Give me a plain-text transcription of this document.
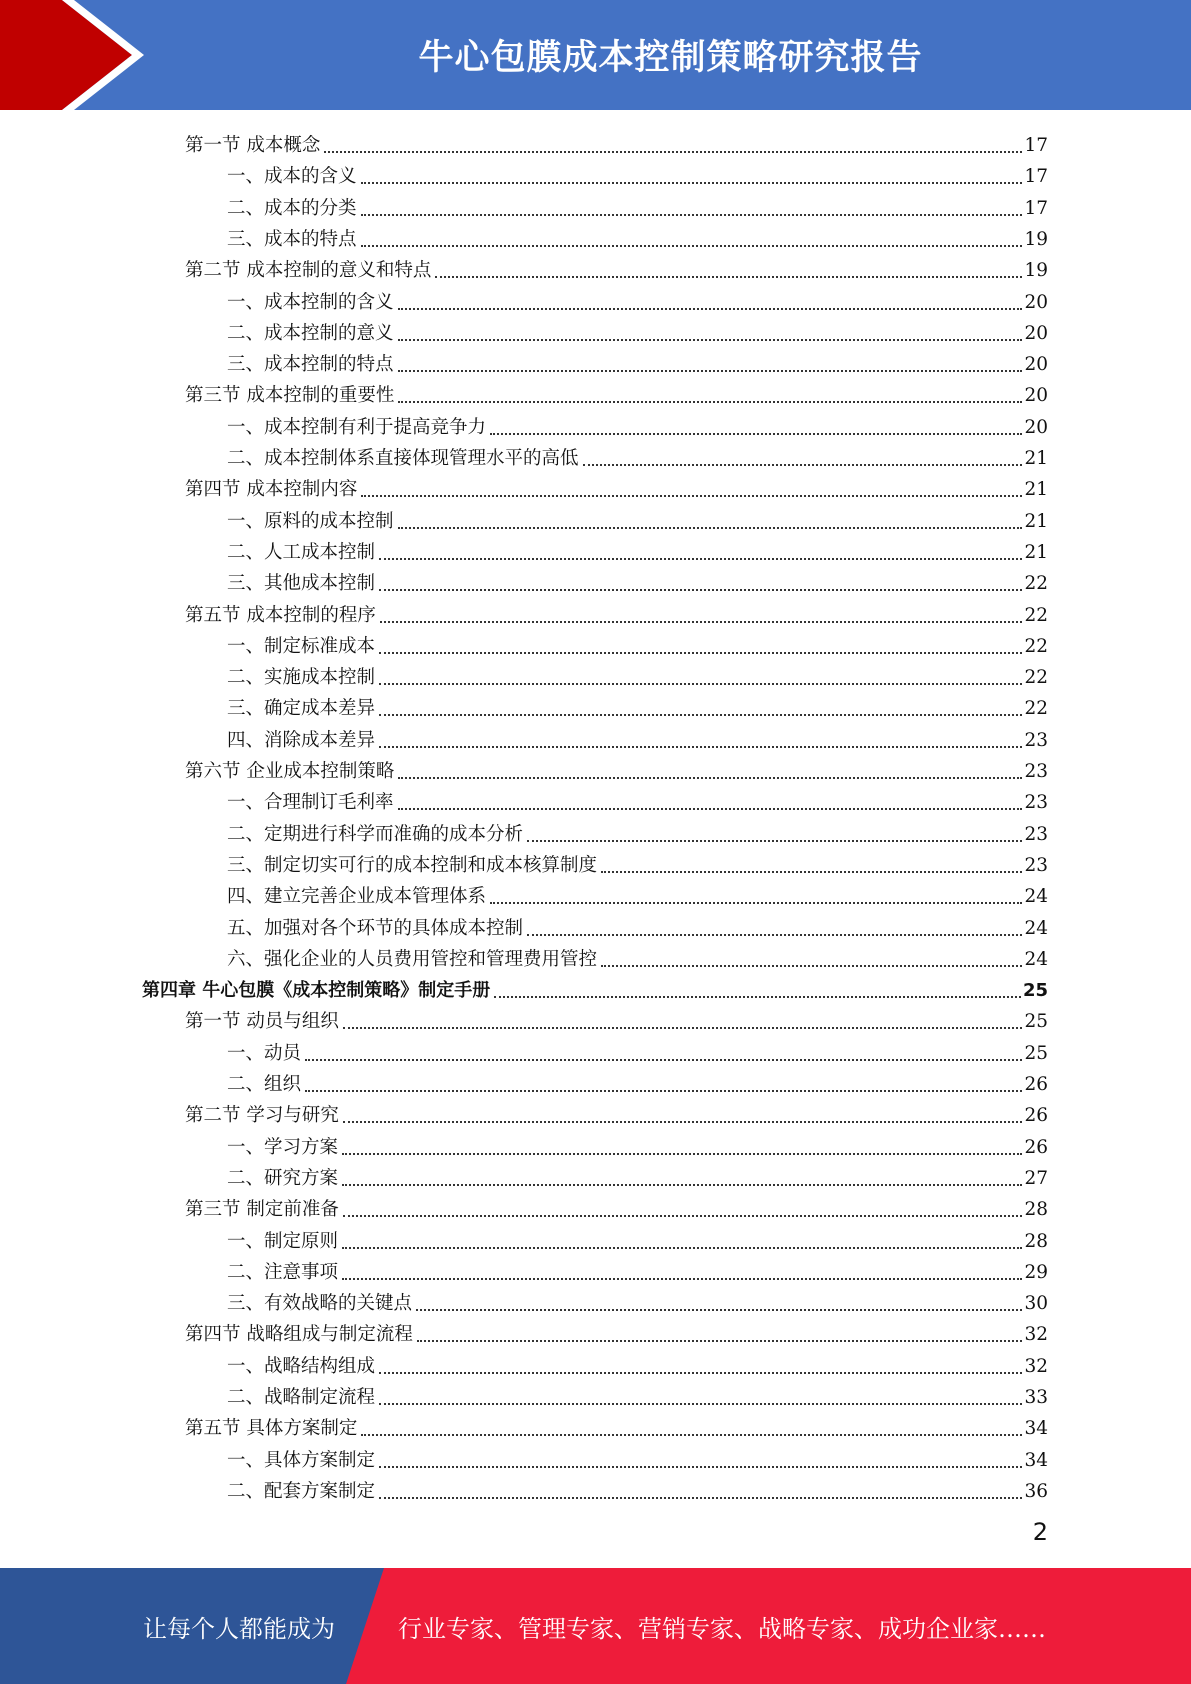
牛心包膜成本控制策略研究报告
第一节 成本概念	17
一、成本的含义	17
二、成本的分类	17
三、成本的特点	19
第二节 成本控制的意义和特点	19
一、成本控制的含义	20
二、成本控制的意义	20
三、成本控制的特点	20
第三节 成本控制的重要性	20
一、成本控制有利于提高竞争力	20
二、成本控制体系直接体现管理水平的高低	21
第四节 成本控制内容	21
一、原料的成本控制	21
二、人工成本控制	21
三、其他成本控制	22
第五节 成本控制的程序	22
一、制定标准成本	22
二、实施成本控制	22
三、确定成本差异	22
四、消除成本差异	23
第六节 企业成本控制策略	23
一、合理制订毛利率	23
二、定期进行科学而准确的成本分析	23
三、制定切实可行的成本控制和成本核算制度	23
四、建立完善企业成本管理体系	24
五、加强对各个环节的具体成本控制	24
六、强化企业的人员费用管控和管理费用管控	24
第四章 牛心包膜《成本控制策略》制定手册	25
第一节 动员与组织	25
一、动员	25
二、组织	26
第二节 学习与研究	26
一、学习方案	26
二、研究方案	27
第三节 制定前准备	28
一、制定原则	28
二、注意事项	29
三、有效战略的关键点	30
第四节 战略组成与制定流程	32
一、战略结构组成	32
二、战略制定流程	33
第五节 具体方案制定	34
一、具体方案制定	34
二、配套方案制定	36
2
让每个人都能成为	行业专家、管理专家、营销专家、战略专家、成功企业家……
